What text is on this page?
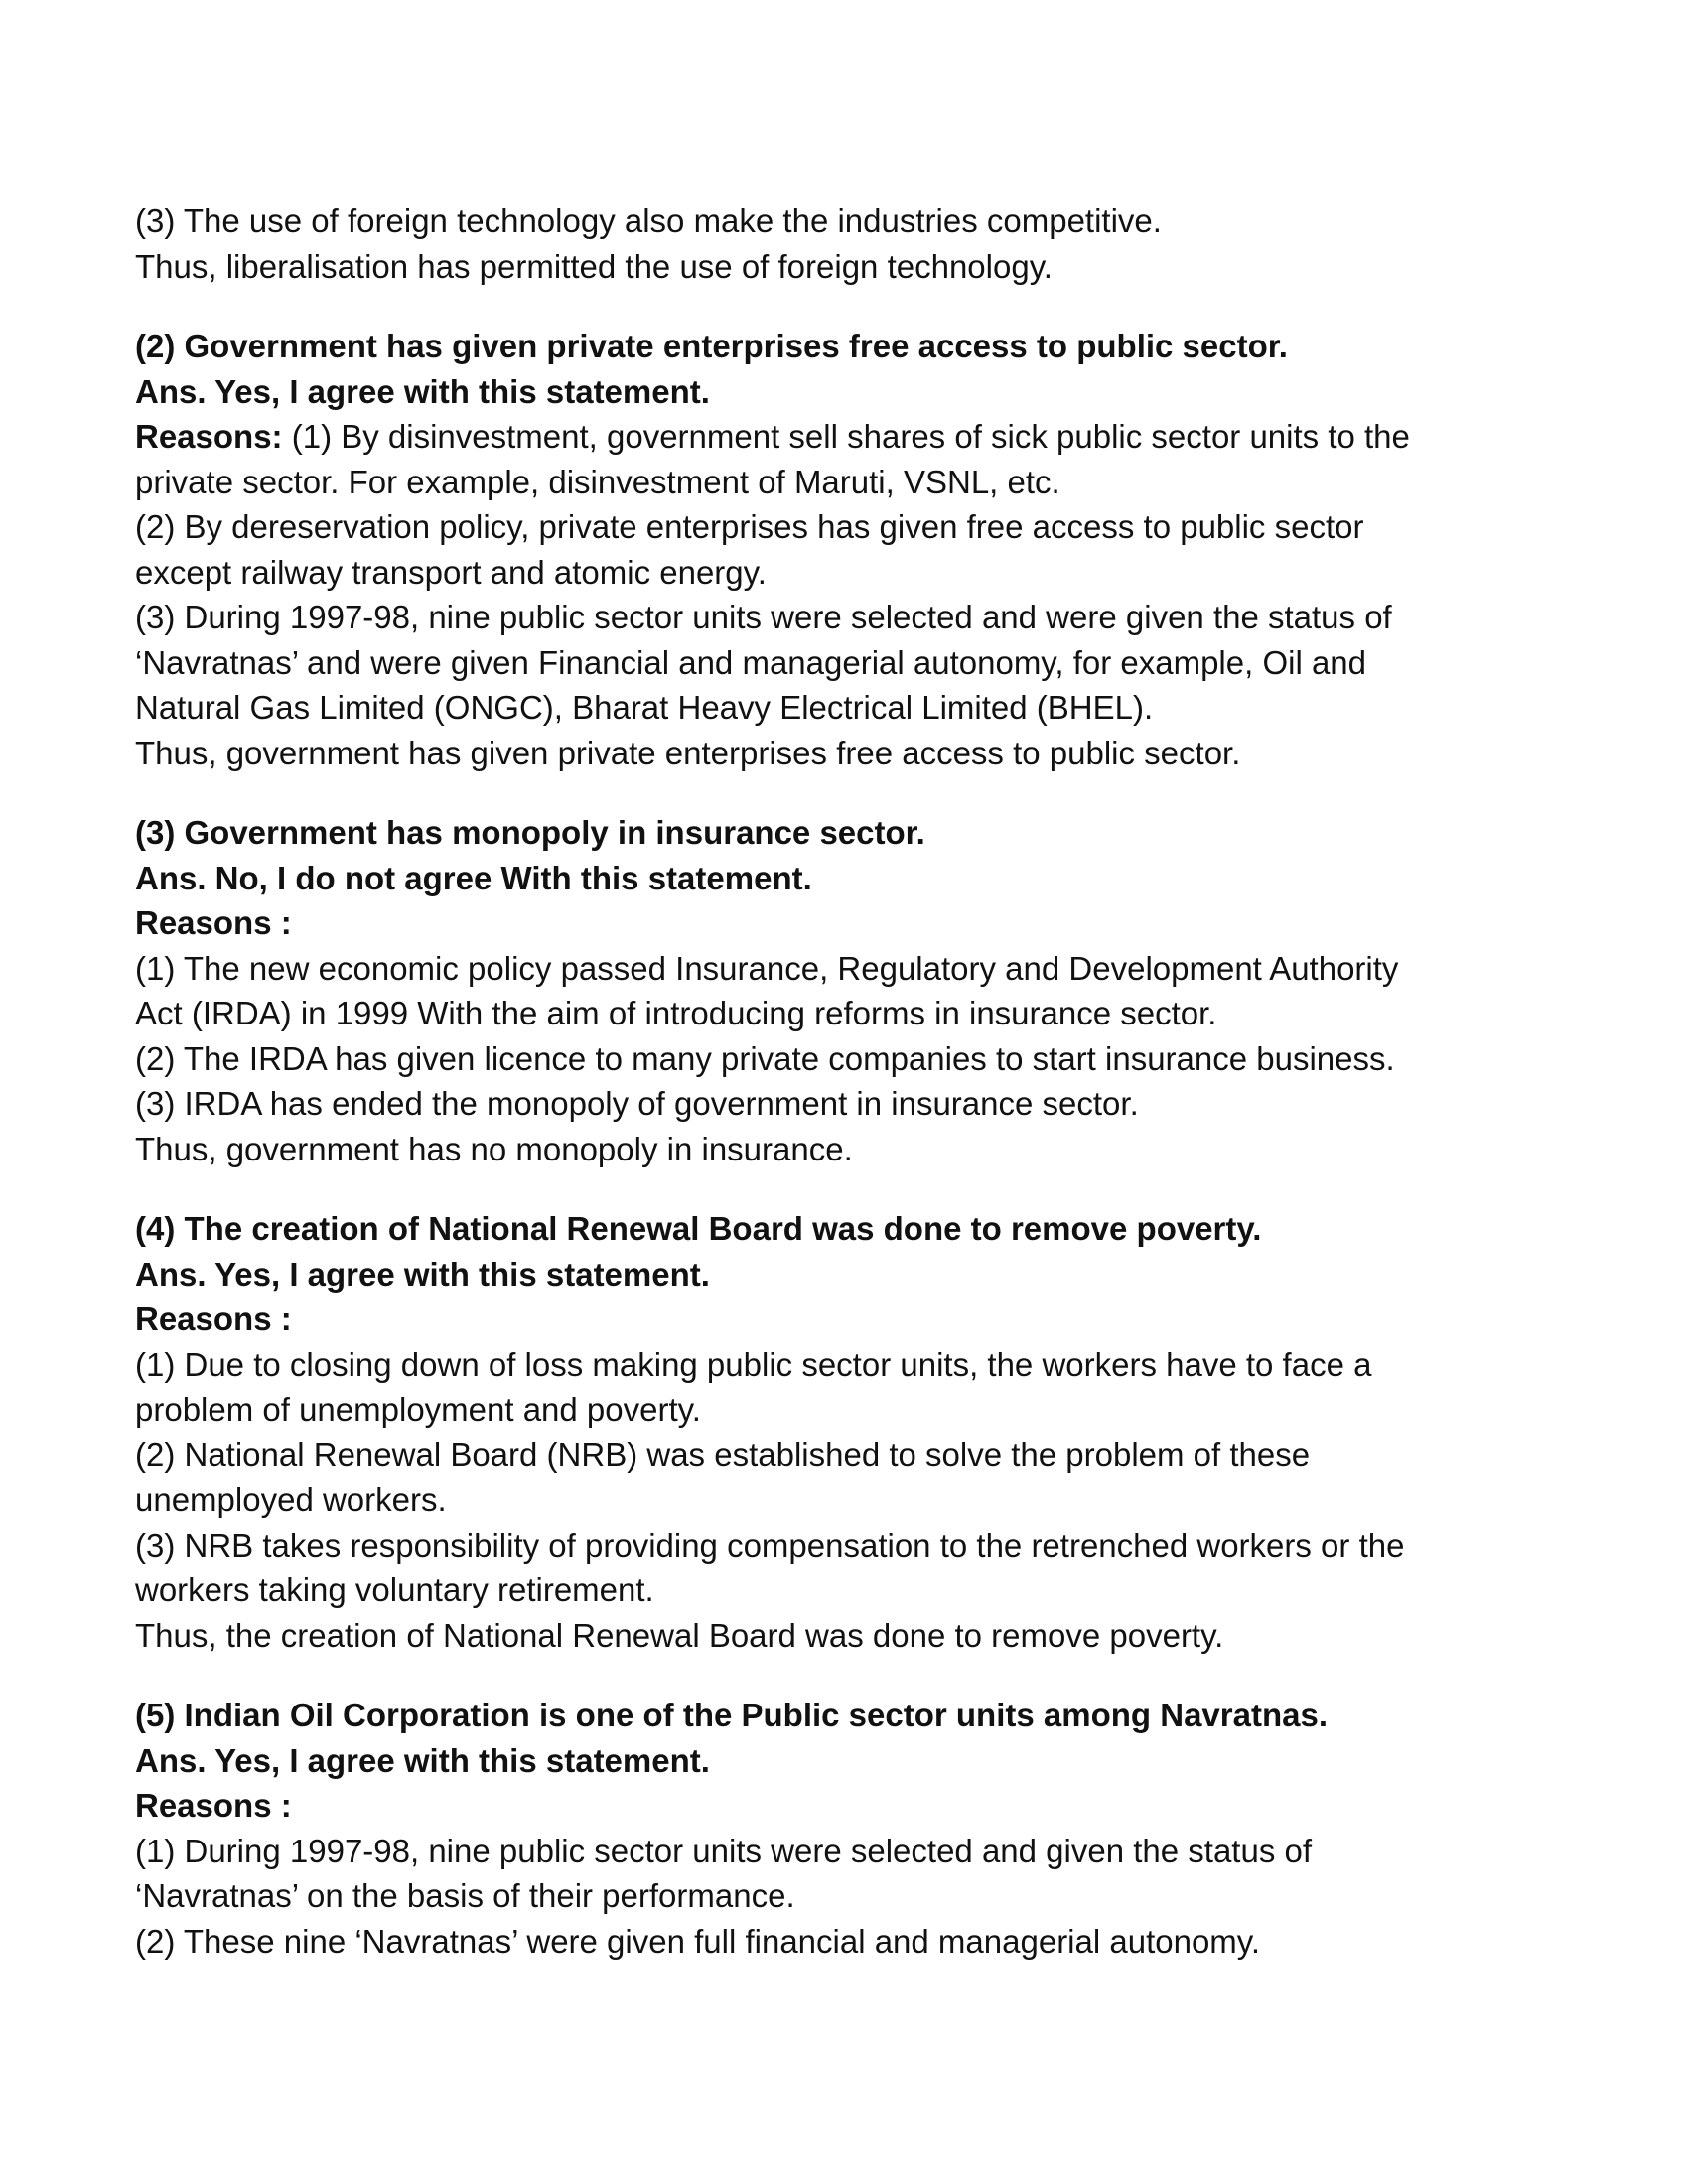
(3) The use of foreign technology also make the industries competitive.
Thus, liberalisation has permitted the use of foreign technology.
(2) Government has given private enterprises free access to public sector.
Ans. Yes, I agree with this statement.
Reasons: (1) By disinvestment, government sell shares of sick public sector units to the
private sector. For example, disinvestment of Maruti, VSNL, etc.
(2) By dereservation policy, private enterprises has given free access to public sector
except railway transport and atomic energy.
(3) During 1997-98, nine public sector units were selected and were given the status of
‘Navratnas’ and were given Financial and managerial autonomy, for example, Oil and
Natural Gas Limited (ONGC), Bharat Heavy Electrical Limited (BHEL).
Thus, government has given private enterprises free access to public sector.
(3) Government has monopoly in insurance sector.
Ans. No, I do not agree With this statement.
Reasons :
(1) The new economic policy passed Insurance, Regulatory and Development Authority
Act (IRDA) in 1999 With the aim of introducing reforms in insurance sector.
(2) The IRDA has given licence to many private companies to start insurance business.
(3) IRDA has ended the monopoly of government in insurance sector.
Thus, government has no monopoly in insurance.
(4) The creation of National Renewal Board was done to remove poverty.
Ans. Yes, I agree with this statement.
Reasons :
(1) Due to closing down of loss making public sector units, the workers have to face a
problem of unemployment and poverty.
(2) National Renewal Board (NRB) was established to solve the problem of these
unemployed workers.
(3) NRB takes responsibility of providing compensation to the retrenched workers or the
workers taking voluntary retirement.
Thus, the creation of National Renewal Board was done to remove poverty.
(5) Indian Oil Corporation is one of the Public sector units among Navratnas.
Ans. Yes, I agree with this statement.
Reasons :
(1) During 1997-98, nine public sector units were selected and given the status of
‘Navratnas’ on the basis of their performance.
(2) These nine ‘Navratnas’ were given full financial and managerial autonomy.
